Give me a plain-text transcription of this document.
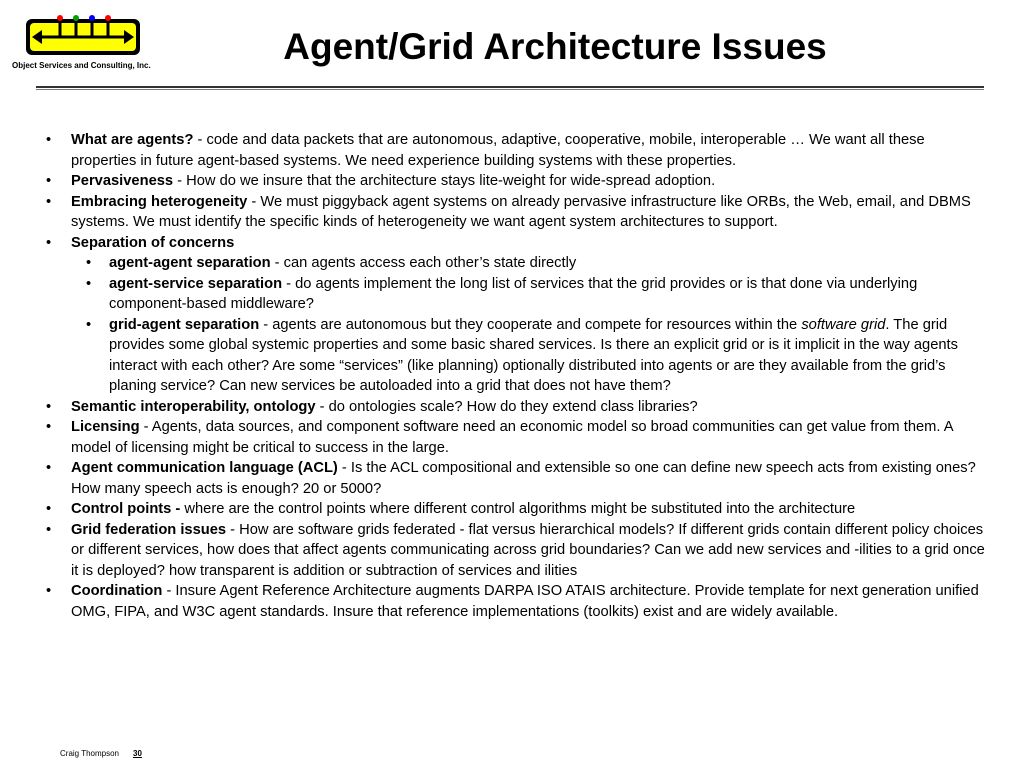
Object Services and Consulting, Inc.	Agent/Grid Architecture Issues
• What are agents? - code and data packets that are autonomous, adaptive, cooperative, mobile, interoperable … We want all these properties in future agent-based systems. We need experience building systems with these properties.
• Pervasiveness - How do we insure that the architecture stays lite-weight for wide-spread adoption.
• Embracing heterogeneity - We must piggyback agent systems on already pervasive infrastructure like ORBs, the Web, email, and DBMS systems. We must identify the specific kinds of heterogeneity we want agent system architectures to support.
• Separation of concerns
• agent-agent separation - can agents access each other’s state directly
• agent-service separation - do agents implement the long list of services that the grid provides or is that done via underlying component-based middleware?
• grid-agent separation - agents are autonomous but they cooperate and compete for resources within the software grid. The grid provides some global systemic properties and some basic shared services. Is there an explicit grid or is it implicit in the way agents interact with each other? Are some “services” (like planning) optionally distributed into agents or are they available from the grid’s planing service? Can new services be autoloaded into a grid that does not have them?
• Semantic interoperability, ontology - do ontologies scale? How do they extend class libraries?
• Licensing - Agents, data sources, and component software need an economic model so broad communities can get value from them. A model of licensing might be critical to success in the large.
• Agent communication language (ACL) - Is the ACL compositional and extensible so one can define new speech acts from existing ones? How many speech acts is enough? 20 or 5000?
• Control points - where are the control points where different control algorithms might be substituted into the architecture
• Grid federation issues - How are software grids federated - flat versus hierarchical models? If different grids contain different policy choices or different services, how does that affect agents communicating across grid boundaries? Can we add new services and -ilities to a grid once it is deployed? how transparent is addition or subtraction of services and ilities
• Coordination - Insure Agent Reference Architecture augments DARPA ISO ATAIS architecture. Provide template for next generation unified OMG, FIPA, and W3C agent standards. Insure that reference implementations (toolkits) exist and are widely available.
Craig Thompson 30
